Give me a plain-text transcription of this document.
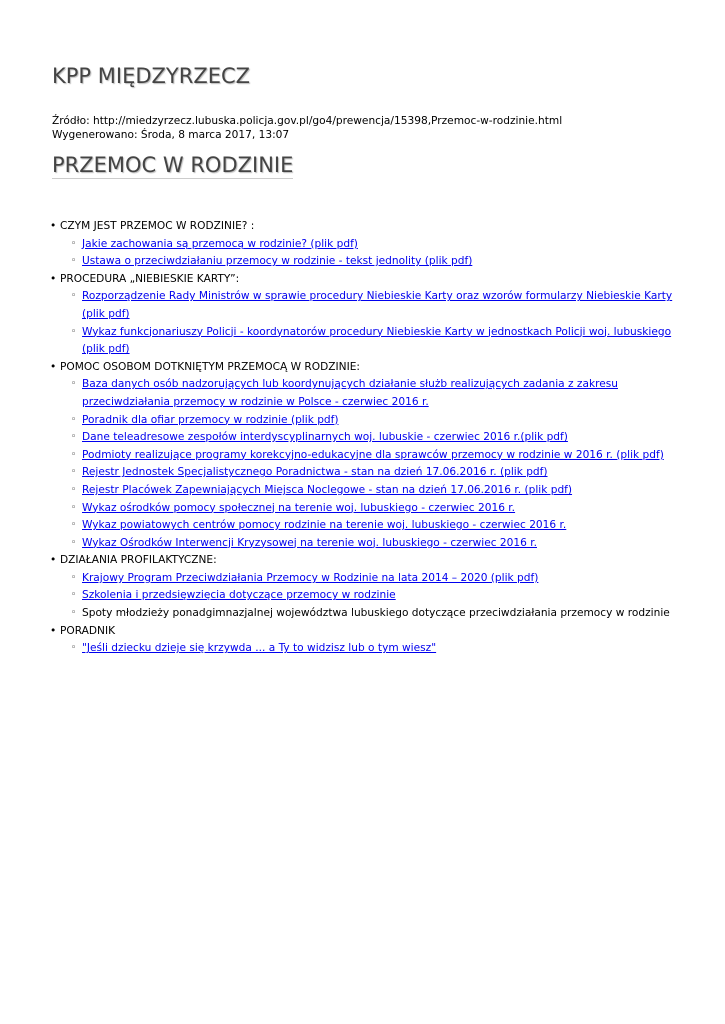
KPP MIĘDZYRZECZ
Źródło: http://miedzyrzecz.lubuska.policja.gov.pl/go4/prewencja/15398,Przemoc-w-rodzinie.html
Wygenerowano: Środa, 8 marca 2017, 13:07
PRZEMOC W RODZINIE
• CZYM JEST PRZEMOC W RODZINIE? :
◦ Jakie zachowania są przemocą w rodzinie? (plik pdf)
◦ Ustawa o przeciwdziałaniu przemocy w rodzinie - tekst jednolity (plik pdf)
• PROCEDURA „NIEBIESKIE KARTY”:
◦ Rozporządzenie Rady Ministrów w sprawie procedury Niebieskie Karty oraz wzorów formularzy Niebieskie Karty (plik pdf)
◦ Wykaz funkcjonariuszy Policji - koordynatorów procedury Niebieskie Karty w jednostkach Policji woj. lubuskiego (plik pdf)
• POMOC OSOBOM DOTKNIĘTYM PRZEMOCĄ W RODZINIE:
◦ Baza danych osób nadzorujących lub koordynujących działanie służb realizujących zadania z zakresu przeciwdziałania przemocy w rodzinie w Polsce - czerwiec 2016 r.
◦ Poradnik dla ofiar przemocy w rodzinie (plik pdf)
◦ Dane teleadresowe zespołów interdyscyplinarnych woj. lubuskie - czerwiec 2016 r.(plik pdf)
◦ Podmioty realizujące programy korekcyjno-edukacyjne dla sprawców przemocy w rodzinie w 2016 r. (plik pdf)
◦ Rejestr Jednostek Specjalistycznego Poradnictwa - stan na dzień 17.06.2016 r. (plik pdf)
◦ Rejestr Placówek Zapewniających Miejsca Noclegowe - stan na dzień 17.06.2016 r. (plik pdf)
◦ Wykaz ośrodków pomocy społecznej na terenie woj. lubuskiego - czerwiec 2016 r.
◦ Wykaz powiatowych centrów pomocy rodzinie na terenie woj. lubuskiego - czerwiec 2016 r.
◦ Wykaz Ośrodków Interwencji Kryzysowej na terenie woj. lubuskiego - czerwiec 2016 r.
• DZIAŁANIA PROFILAKTYCZNE:
◦ Krajowy Program Przeciwdziałania Przemocy w Rodzinie na lata 2014 – 2020 (plik pdf)
◦ Szkolenia i przedsięwzięcia dotyczące przemocy w rodzinie
◦ Spoty młodzieży ponadgimnazjalnej województwa lubuskiego dotyczące przeciwdziałania przemocy w rodzinie
• PORADNIK
◦ "Jeśli dziecku dzieje się krzywda ... a Ty to widzisz lub o tym wiesz"
